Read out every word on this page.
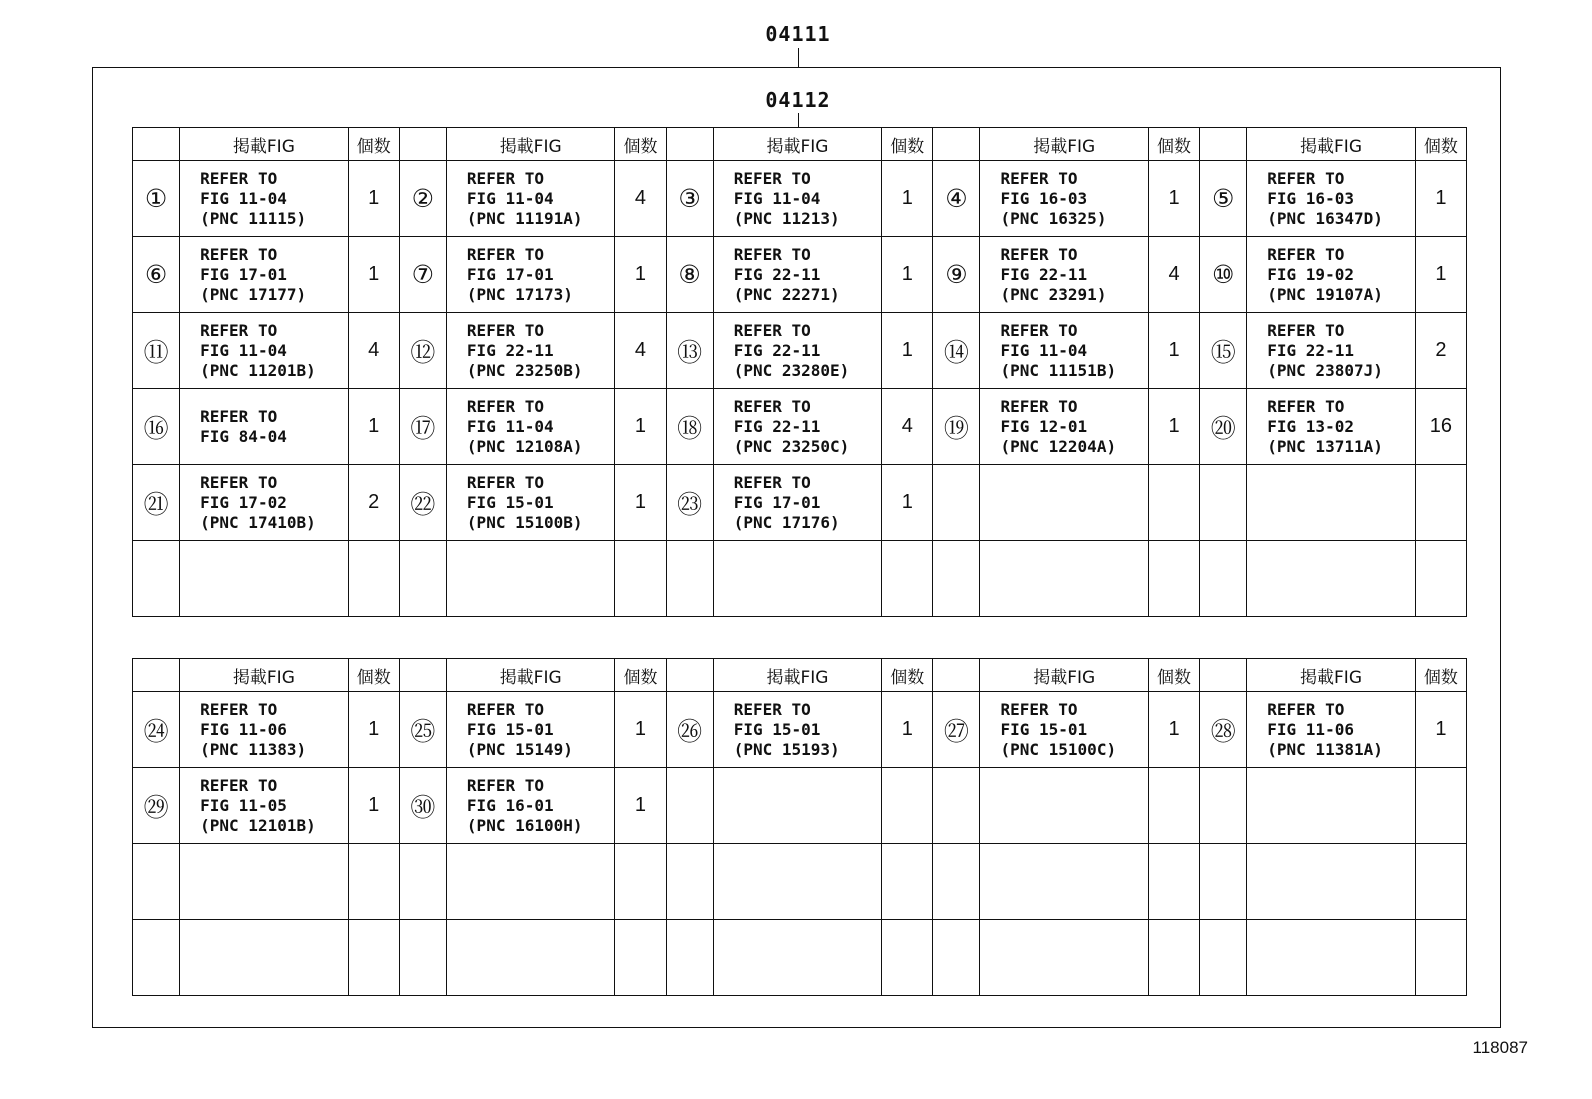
04111
04112
	掲載FIG	個数		掲載FIG	個数		掲載FIG	個数		掲載FIG	個数		掲載FIG	個数
①	REFER TO
FIG 11-04
(PNC 11115)	1	②	REFER TO
FIG 11-04
(PNC 11191A)	4	③	REFER TO
FIG 11-04
(PNC 11213)	1	④	REFER TO
FIG 16-03
(PNC 16325)	1	⑤	REFER TO
FIG 16-03
(PNC 16347D)	1
⑥	REFER TO
FIG 17-01
(PNC 17177)	1	⑦	REFER TO
FIG 17-01
(PNC 17173)	1	⑧	REFER TO
FIG 22-11
(PNC 22271)	1	⑨	REFER TO
FIG 22-11
(PNC 23291)	4	⑩	REFER TO
FIG 19-02
(PNC 19107A)	1
⑪	REFER TO
FIG 11-04
(PNC 11201B)	4	⑫	REFER TO
FIG 22-11
(PNC 23250B)	4	⑬	REFER TO
FIG 22-11
(PNC 23280E)	1	⑭	REFER TO
FIG 11-04
(PNC 11151B)	1	⑮	REFER TO
FIG 22-11
(PNC 23807J)	2
⑯	REFER TO
FIG 84-04	1	⑰	REFER TO
FIG 11-04
(PNC 12108A)	1	⑱	REFER TO
FIG 22-11
(PNC 23250C)	4	⑲	REFER TO
FIG 12-01
(PNC 12204A)	1	⑳	REFER TO
FIG 13-02
(PNC 13711A)	16
㉑	REFER TO
FIG 17-02
(PNC 17410B)	2	㉒	REFER TO
FIG 15-01
(PNC 15100B)	1	㉓	REFER TO
FIG 17-01
(PNC 17176)	1		

	掲載FIG	個数		掲載FIG	個数		掲載FIG	個数		掲載FIG	個数		掲載FIG	個数
㉔	REFER TO
FIG 11-06
(PNC 11383)	1	㉕	REFER TO
FIG 15-01
(PNC 15149)	1	㉖	REFER TO
FIG 15-01
(PNC 15193)	1	㉗	REFER TO
FIG 15-01
(PNC 15100C)	1	㉘	REFER TO
FIG 11-06
(PNC 11381A)	1
㉙	REFER TO
FIG 11-05
(PNC 12101B)	1	㉚	REFER TO
FIG 16-01
(PNC 16100H)	1		

118087
